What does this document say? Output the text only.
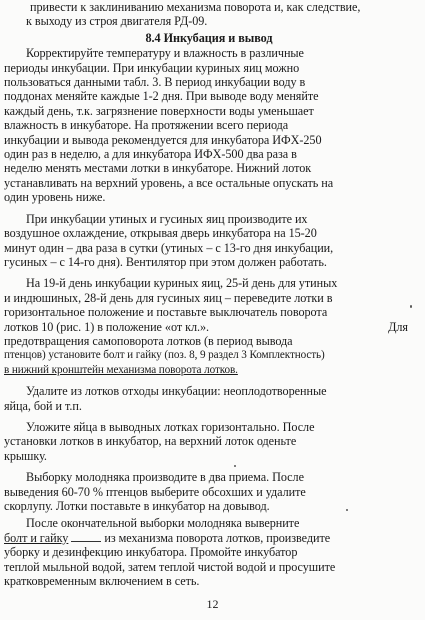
привести к заклиниванию механизма поворота и, как следствие,
к выходу из строя двигателя РД-09.
8.4 Инкубация и вывод
Корректируйте температуру и влажность в различные
периоды инкубации. При инкубации куриных яиц можно
пользоваться данными табл. 3. В период инкубации воду в
поддонах меняйте каждые 1-2 дня. При выводе воду меняйте
каждый день, т.к. загрязнение поверхности воды уменьшает
влажность в инкубаторе. На протяжении всего периода
инкубации и вывода рекомендуется для инкубатора ИФХ-250
один раз в неделю, а для инкубатора ИФХ-500 два раза в
неделю менять местами лотки в инкубаторе. Нижний лоток
устанавливать на верхний уровень, а все остальные опускать на
один уровень ниже.
При инкубации утиных и гусиных яиц производите их
воздушное охлаждение, открывая дверь инкубатора на 15-20
минут один – два раза в сутки (утиных – с 13-го дня инкубации,
гусиных – с 14-го дня). Вентилятор при этом должен работать.
На 19-й день инкубации куриных яиц, 25-й день для утиных
и индюшиных, 28-й день для гусиных яиц – переведите лотки в
горизонтальное положение и поставьте выключатель поворота
лотков 10 (рис. 1) в положение «от кл.».	Для
предотвращения самоповорота лотков (в период вывода
птенцов) установите болт и гайку (поз. 8, 9 раздел 3 Комплектность)
в нижний кронштейн механизма поворота лотков.
Удалите из лотков отходы инкубации: неоплодотворенные
яйца, бой и т.п.
Уложите яйца в выводных лотках горизонтально. После
установки лотков в инкубатор, на верхний лоток оденьте
крышку.
Выборку молодняка производите в два приема. После
выведения 60-70 % птенцов выберите обсохших и удалите
скорлупу. Лотки поставьте в инкубатор на довывод.
После окончательной выборки молодняка выверните
болт и гайку	из механизма поворота лотков, произведите
уборку и дезинфекцию инкубатора. Промойте инкубатор
теплой мыльной водой, затем теплой чистой водой и просушите
кратковременным включением в сеть.
12
